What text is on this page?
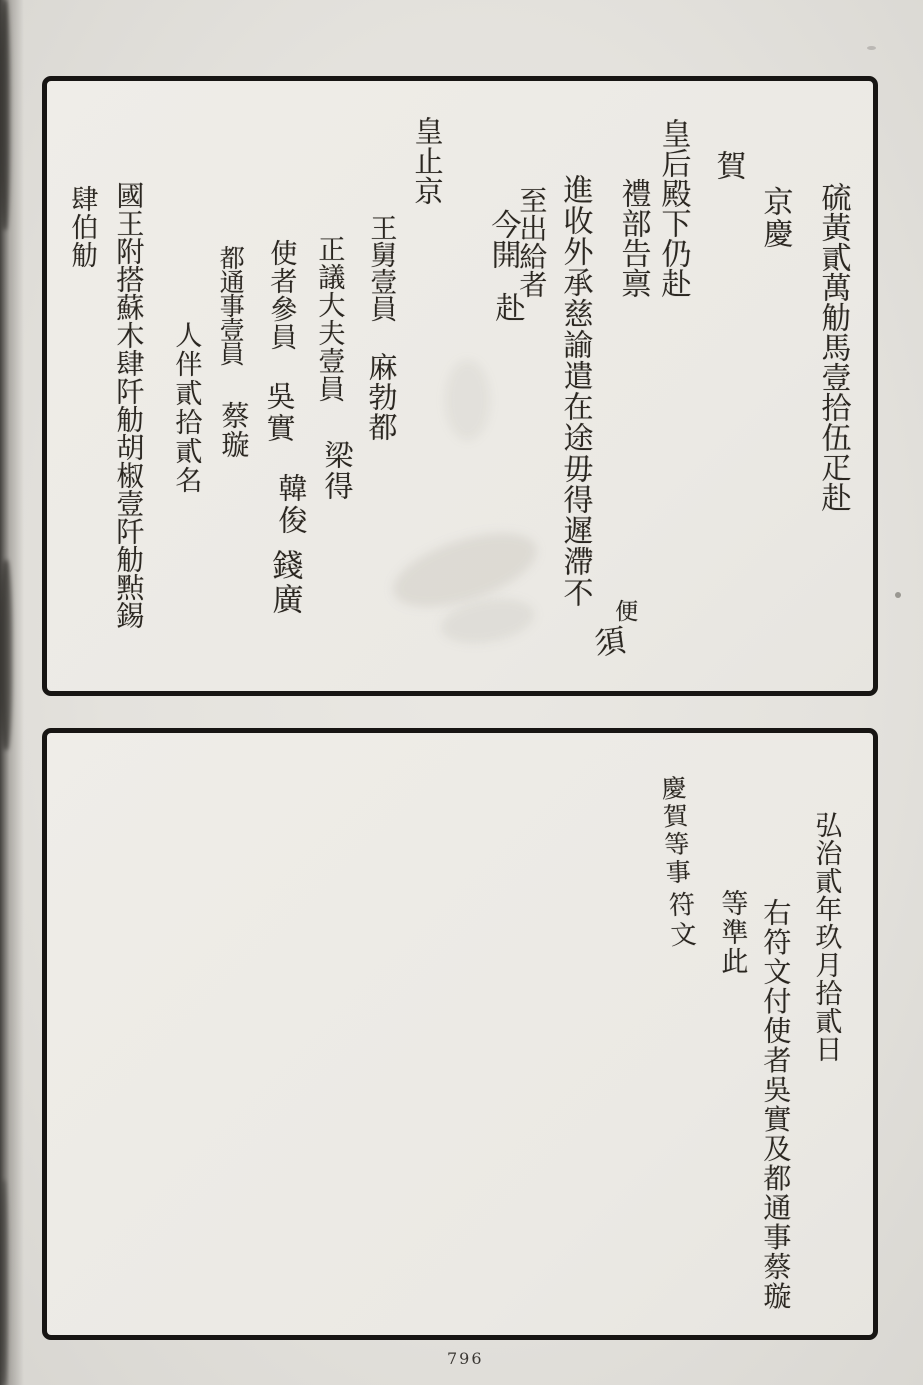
硫黃貳萬觔馬壹拾伍疋赴
京慶
賀
皇后殿下仍赴
禮部告禀
進收外承慈諭遣在途毋得遲滯不
便
須
至出給者
今開
赴
皇止京
王舅壹員
麻勃都
正議大夫壹員
梁得
使者參員
吳實
韓俊
錢廣
都通事壹員
蔡璇
人伴貳拾貳名
國王附搭蘇木肆阡觔胡椒壹阡觔㸃錫
肆伯觔
弘治貳年玖月拾貳日
右符文付使者吳實及都通事蔡璇
等準此
慶賀等事
符文
796
